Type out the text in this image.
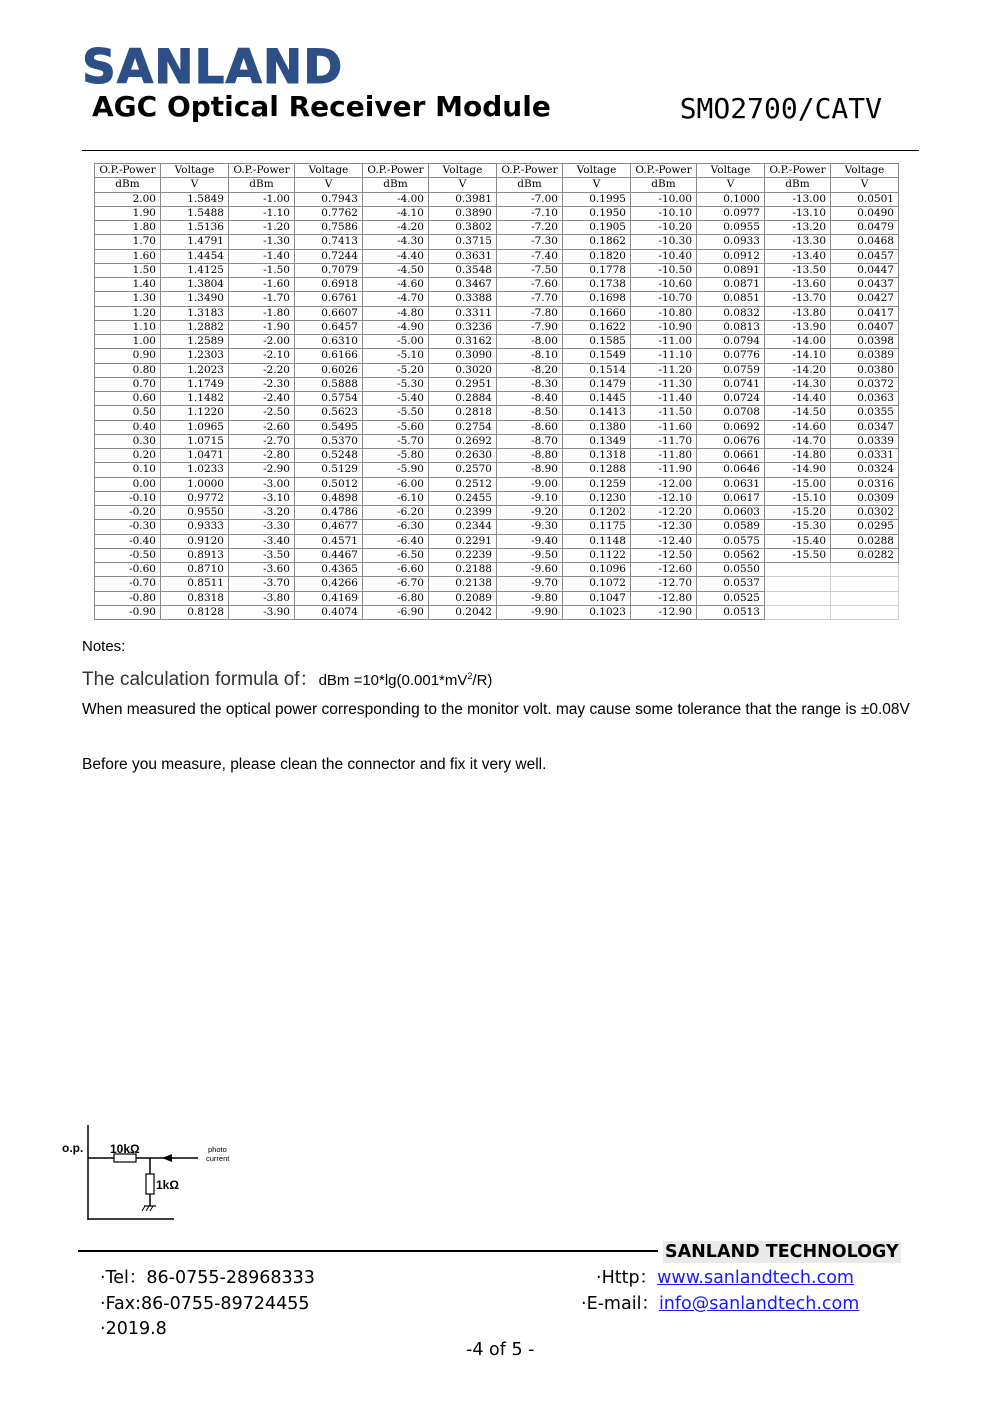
SANLAND
AGC Optical Receiver Module	SMO2700/CATV
O.P.-Power	Voltage	O.P.-Power	Voltage	O.P.-Power	Voltage	O.P.-Power	Voltage	O.P.-Power	Voltage	O.P.-Power	Voltage
dBm	V	dBm	V	dBm	V	dBm	V	dBm	V	dBm	V
2.00	1.5849	-1.00	0.7943	-4.00	0.3981	-7.00	0.1995	-10.00	0.1000	-13.00	0.0501
1.90	1.5488	-1.10	0.7762	-4.10	0.3890	-7.10	0.1950	-10.10	0.0977	-13.10	0.0490
1.80	1.5136	-1.20	0.7586	-4.20	0.3802	-7.20	0.1905	-10.20	0.0955	-13.20	0.0479
1.70	1.4791	-1.30	0.7413	-4.30	0.3715	-7.30	0.1862	-10.30	0.0933	-13.30	0.0468
1.60	1.4454	-1.40	0.7244	-4.40	0.3631	-7.40	0.1820	-10.40	0.0912	-13.40	0.0457
1.50	1.4125	-1.50	0.7079	-4.50	0.3548	-7.50	0.1778	-10.50	0.0891	-13.50	0.0447
1.40	1.3804	-1.60	0.6918	-4.60	0.3467	-7.60	0.1738	-10.60	0.0871	-13.60	0.0437
1.30	1.3490	-1.70	0.6761	-4.70	0.3388	-7.70	0.1698	-10.70	0.0851	-13.70	0.0427
1.20	1.3183	-1.80	0.6607	-4.80	0.3311	-7.80	0.1660	-10.80	0.0832	-13.80	0.0417
1.10	1.2882	-1.90	0.6457	-4.90	0.3236	-7.90	0.1622	-10.90	0.0813	-13.90	0.0407
1.00	1.2589	-2.00	0.6310	-5.00	0.3162	-8.00	0.1585	-11.00	0.0794	-14.00	0.0398
0.90	1.2303	-2.10	0.6166	-5.10	0.3090	-8.10	0.1549	-11.10	0.0776	-14.10	0.0389
0.80	1.2023	-2.20	0.6026	-5.20	0.3020	-8.20	0.1514	-11.20	0.0759	-14.20	0.0380
0.70	1.1749	-2.30	0.5888	-5.30	0.2951	-8.30	0.1479	-11.30	0.0741	-14.30	0.0372
0.60	1.1482	-2.40	0.5754	-5.40	0.2884	-8.40	0.1445	-11.40	0.0724	-14.40	0.0363
0.50	1.1220	-2.50	0.5623	-5.50	0.2818	-8.50	0.1413	-11.50	0.0708	-14.50	0.0355
0.40	1.0965	-2.60	0.5495	-5.60	0.2754	-8.60	0.1380	-11.60	0.0692	-14.60	0.0347
0.30	1.0715	-2.70	0.5370	-5.70	0.2692	-8.70	0.1349	-11.70	0.0676	-14.70	0.0339
0.20	1.0471	-2.80	0.5248	-5.80	0.2630	-8.80	0.1318	-11.80	0.0661	-14.80	0.0331
0.10	1.0233	-2.90	0.5129	-5.90	0.2570	-8.90	0.1288	-11.90	0.0646	-14.90	0.0324
0.00	1.0000	-3.00	0.5012	-6.00	0.2512	-9.00	0.1259	-12.00	0.0631	-15.00	0.0316
-0.10	0.9772	-3.10	0.4898	-6.10	0.2455	-9.10	0.1230	-12.10	0.0617	-15.10	0.0309
-0.20	0.9550	-3.20	0.4786	-6.20	0.2399	-9.20	0.1202	-12.20	0.0603	-15.20	0.0302
-0.30	0.9333	-3.30	0.4677	-6.30	0.2344	-9.30	0.1175	-12.30	0.0589	-15.30	0.0295
-0.40	0.9120	-3.40	0.4571	-6.40	0.2291	-9.40	0.1148	-12.40	0.0575	-15.40	0.0288
-0.50	0.8913	-3.50	0.4467	-6.50	0.2239	-9.50	0.1122	-12.50	0.0562	-15.50	0.0282
-0.60	0.8710	-3.60	0.4365	-6.60	0.2188	-9.60	0.1096	-12.60	0.0550		
-0.70	0.8511	-3.70	0.4266	-6.70	0.2138	-9.70	0.1072	-12.70	0.0537		
-0.80	0.8318	-3.80	0.4169	-6.80	0.2089	-9.80	0.1047	-12.80	0.0525		
-0.90	0.8128	-3.90	0.4074	-6.90	0.2042	-9.90	0.1023	-12.90	0.0513		
Notes:
The calculation formula of：dBm $=10*\lg(0.001*mV^2/R)$
When measured the optical power corresponding to the monitor volt. may cause some tolerance that the range is ±0.08V
Before you measure, please clean the connector and fix it very well.
o.p. 10kΩ	photo
current
1kΩ
SANLAND TECHNOLOGY
·Tel：86-0755-28968333
·Fax:86-0755-89724455
·2019.8
·Http：www.sanlandtech.com
·E-mail：info@sanlandtech.com
-4 of 5 -
